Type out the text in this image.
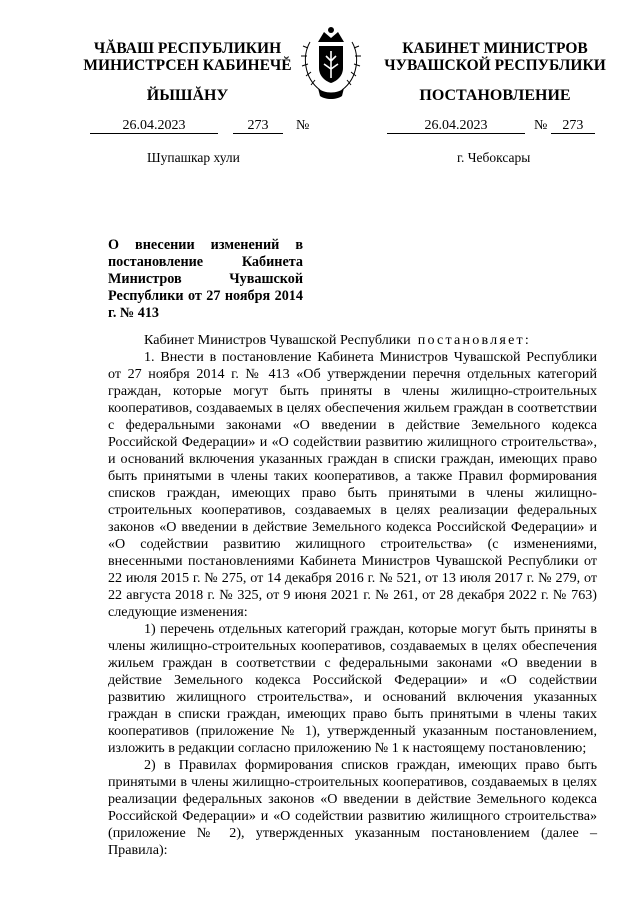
ЧĂВАШ РЕСПУБЛИКИН
МИНИСТРСЕН КАБИНЕЧĔ
ЙЫШĂНУ
КАБИНЕТ МИНИСТРОВ
ЧУВАШСКОЙ РЕСПУБЛИКИ
ПОСТАНОВЛЕНИЕ
26.04.2023	273 №	26.04.2023	№ 273
Шупашкар хули	г. Чебоксары
О внесении изменений в постановление Кабинета Министров Чувашской Республики от 27 ноября 2014 г. № 413

Кабинет Министров Чувашской Республики постановляет:

1. Внести в постановление Кабинета Министров Чувашской Республики от 27 ноября 2014 г. № 413 «Об утверждении перечня отдельных категорий граждан, которые могут быть приняты в члены жилищно-строительных кооперативов, создаваемых в целях обеспечения жильем граждан в соответствии с федеральными законами «О введении в действие Земельного кодекса Российской Федерации» и «О содействии развитию жилищного строительства», и оснований включения указанных граждан в списки граждан, имеющих право быть принятыми в члены таких кооперативов, а также Правил формирования списков граждан, имеющих право быть принятыми в члены жилищно-строительных кооперативов, создаваемых в целях реализации федеральных законов «О введении в действие Земельного кодекса Российской Федерации» и «О содействии развитию жилищного строительства» (с изменениями, внесенными постановлениями Кабинета Министров Чувашской Республики от 22 июля 2015 г. № 275, от 14 декабря 2016 г. № 521, от 13 июля 2017 г. № 279, от 22 августа 2018 г. № 325, от 9 июня 2021 г. № 261, от 28 декабря 2022 г. № 763) следующие изменения:

1) перечень отдельных категорий граждан, которые могут быть приняты в члены жилищно-строительных кооперативов, создаваемых в целях обеспечения жильем граждан в соответствии с федеральными законами «О введении в действие Земельного кодекса Российской Федерации» и «О содействии развитию жилищного строительства», и оснований включения указанных граждан в списки граждан, имеющих право быть принятыми в члены таких кооперативов (приложение № 1), утвержденный указанным постановлением, изложить в редакции согласно приложению № 1 к настоящему постановлению;

2) в Правилах формирования списков граждан, имеющих право быть принятыми в члены жилищно-строительных кооперативов, создаваемых в целях реализации федеральных законов «О введении в действие Земельного кодекса Российской Федерации» и «О содействии развитию жилищного строительства» (приложение № 2), утвержденных указанным постановлением (далее – Правила):
